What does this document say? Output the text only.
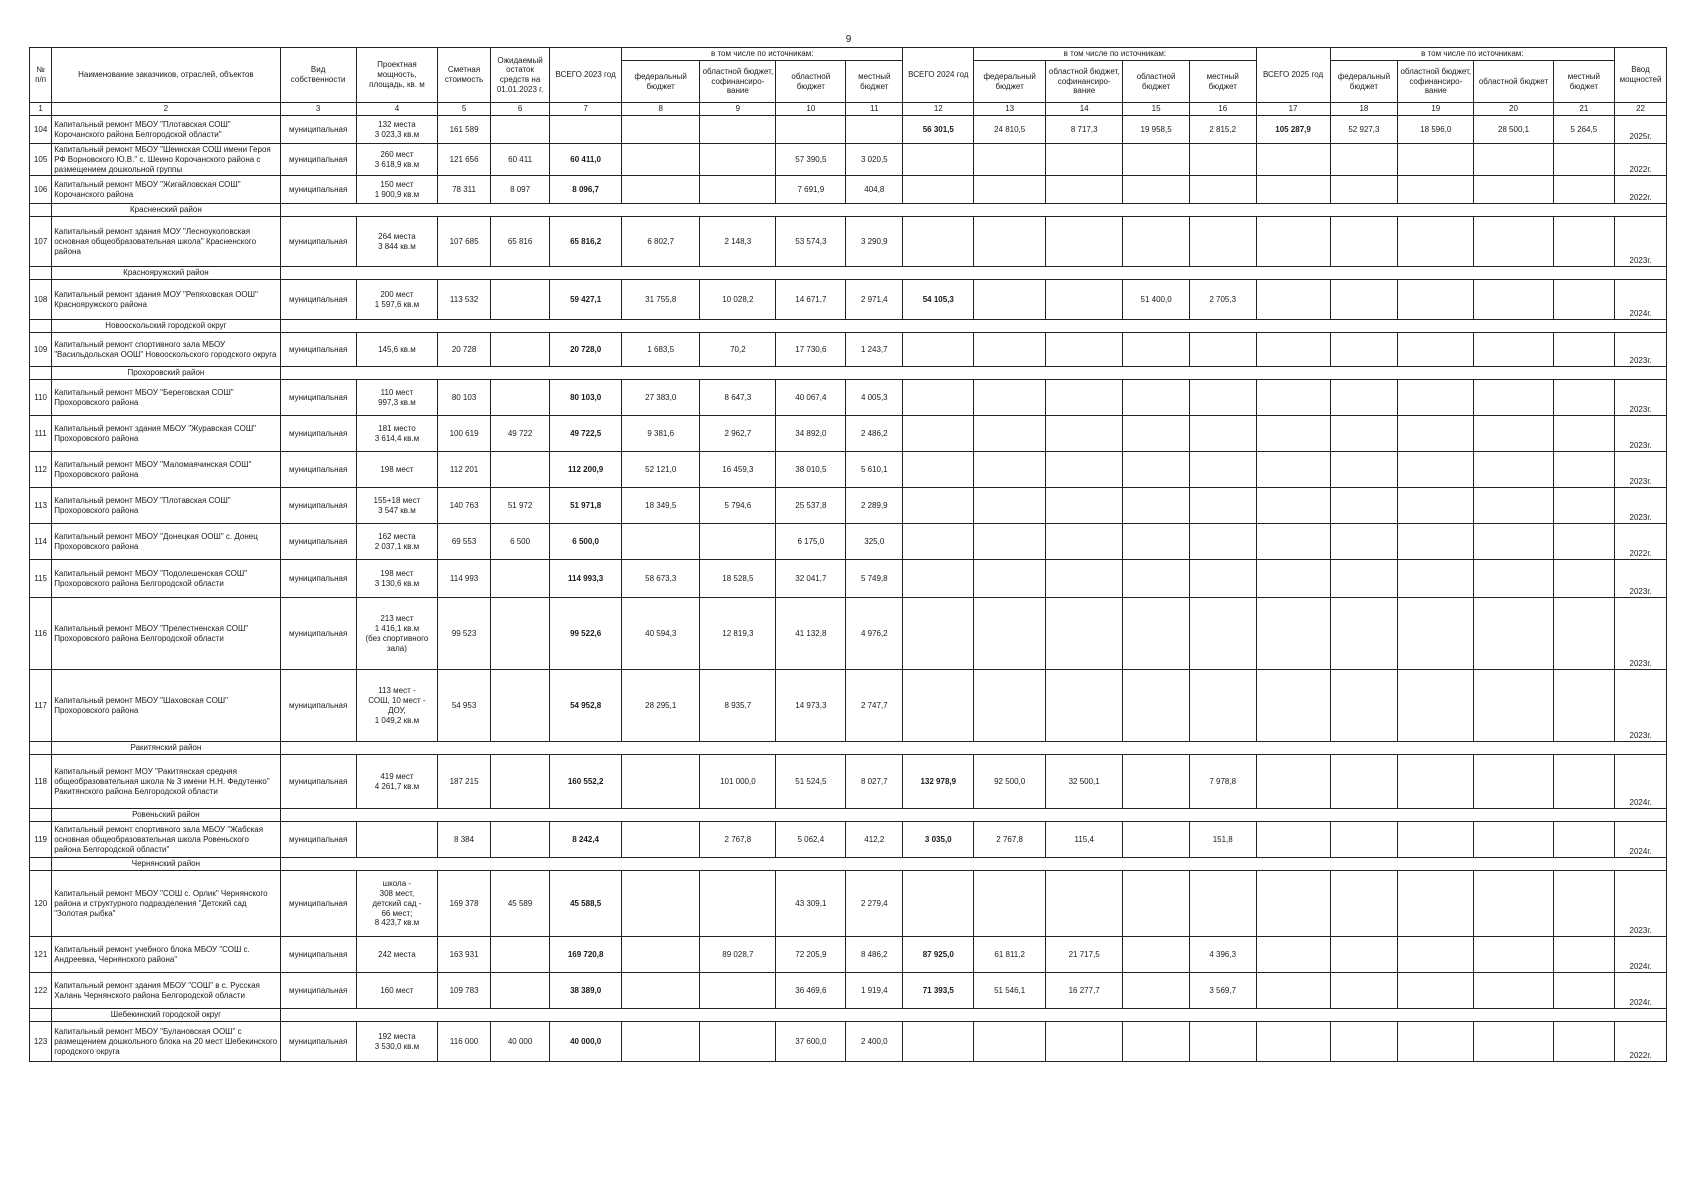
9
№ п/п	Наименование заказчиков, отраслей, объектов	Вид собственности	Проектная мощность, площадь, кв. м	Сметная стоимость	Ожидаемый остаток средств на 01.01.2023 г.	ВСЕГО 2023 год	в том числе по источникам:				ВСЕГО 2024 год	в том числе по источникам:				ВСЕГО 2025 год	в том числе по источникам:				Ввод мощностей
							федеральный бюджет	областной бюджет, софинансиро- вание	областной бюджет	местный бюджет		федеральный бюджет	областной бюджет, софинансиро- вание	областной бюджет	местный бюджет		федеральный бюджет	областной бюджет, софинансиро- вание	областной бюджет	местный бюджет	
1	2	3	4	5	6	7	8	9	10	11	12	13	14	15	16	17	18	19	20	21	22
104	Капитальный ремонт МБОУ "Плотавская СОШ" Корочанского района Белгородской области"	муниципальная	132 места
3 023,3 кв.м	161 589							56 301,5	24 810,5	8 717,3	19 958,5	2 815,2	105 287,9	52 927,3	18 596,0	28 500,1	5 264,5	2025г.
105	Капитальный ремонт МБОУ "Шеинская СОШ имени Героя РФ Ворновского Ю.В." с. Шеино Корочанского района с размещением дошкольной группы	муниципальная	260 мест
3 618,9 кв.м	121 656	60 411	60 411,0			57 390,5	3 020,5											2022г.
106	Капитальный ремонт МБОУ "Жигайловская СОШ" Корочанского района	муниципальная	150 мест
1 900,9 кв.м	78 311	8 097	8 096,7			7 691,9	404,8											2022г.
	Красненский район																				
107	Капитальный ремонт здания МОУ "Лесноуколовская основная общеобразовательная школа" Красненского района	муниципальная	264 места
3 844 кв.м	107 685	65 816	65 816,2	6 802,7	2 148,3	53 574,3	3 290,9											2023г.
	Краснояружский район																				
108	Капитальный ремонт здания МОУ "Репяховская ООШ" Краснояружского района	муниципальная	200 мест
1 597,6 кв.м	113 532		59 427,1	31 755,8	10 028,2	14 671,7	2 971,4	54 105,3			51 400,0	2 705,3						2024г.
	Новооскольский городской округ																				
109	Капитальный ремонт спортивного зала МБОУ "Васильдольская ООШ" Новооскольского городского округа	муниципальная	145,6 кв.м	20 728		20 728,0	1 683,5	70,2	17 730,6	1 243,7											2023г.
	Прохоровский район																				
110	Капитальный ремонт МБОУ "Береговская СОШ" Прохоровского района	муниципальная	110 мест
997,3 кв.м	80 103		80 103,0	27 383,0	8 647,3	40 067,4	4 005,3											2023г.
111	Капитальный ремонт здания МБОУ "Журавская СОШ" Прохоровского района	муниципальная	181 место
3 614,4 кв.м	100 619	49 722	49 722,5	9 381,6	2 962,7	34 892,0	2 486,2											2023г.
112	Капитальный ремонт МБОУ "Маломаячинская СОШ" Прохоровского района	муниципальная	198 мест	112 201		112 200,9	52 121,0	16 459,3	38 010,5	5 610,1											2023г.
113	Капитальный ремонт МБОУ "Плотавская СОШ" Прохоровского района	муниципальная	155+18 мест
3 547 кв.м	140 763	51 972	51 971,8	18 349,5	5 794,6	25 537,8	2 289,9											2023г.
114	Капитальный ремонт МБОУ "Донецкая ООШ" с. Донец Прохоровского района	муниципальная	162 места
2 037,1 кв.м	69 553	6 500	6 500,0			6 175,0	325,0											2022г.
115	Капитальный ремонт МБОУ "Подолешенская СОШ" Прохоровского района Белгородской области	муниципальная	198 мест
3 130,6 кв.м	114 993		114 993,3	58 673,3	18 528,5	32 041,7	5 749,8											2023г.
116	Капитальный ремонт МБОУ "Прелестненская СОШ" Прохоровского района Белгородской области	муниципальная	213 мест
1 416,1 кв.м
(без спортивного
зала)	99 523		99 522,6	40 594,3	12 819,3	41 132,8	4 976,2											2023г.
117	Капитальный ремонт МБОУ "Шаховская СОШ" Прохоровского района	муниципальная	113 мест -
СОШ, 10 мест -
ДОУ,
1 049,2 кв.м	54 953		54 952,8	28 295,1	8 935,7	14 973,3	2 747,7											2023г.
	Ракитянский район																				
118	Капитальный ремонт МОУ "Ракитянская средняя общеобразовательная школа № 3 имени Н.Н. Федутенко" Ракитянского района Белгородской области	муниципальная	419 мест
4 261,7 кв.м	187 215		160 552,2		101 000,0	51 524,5	8 027,7	132 978,9	92 500,0	32 500,1		7 978,8						2024г.
	Ровеньский район																				
119	Капитальный ремонт спортивного зала МБОУ "Жабская основная общеобразовательная школа Ровеньского района Белгородской области"	муниципальная		8 384		8 242,4		2 767,8	5 062,4	412,2	3 035,0	2 767,8	115,4		151,8						2024г.
	Чернянский район																				
120	Капитальный ремонт МБОУ "СОШ с. Орлик" Чернянского района и структурного подразделения "Детский сад "Золотая рыбка"	муниципальная	школа -
308 мест,
детский сад -
66 мест;
8 423,7 кв.м	169 378	45 589	45 588,5			43 309,1	2 279,4											2023г.
121	Капитальный ремонт учебного блока МБОУ "СОШ с. Андреевка, Чернянского района"	муниципальная	242 места	163 931		169 720,8		89 028,7	72 205,9	8 486,2	87 925,0	61 811,2	21 717,5		4 396,3						2024г.
122	Капитальный ремонт здания МБОУ "СОШ" в с. Русская Халань Чернянского района Белгородской области	муниципальная	160 мест	109 783		38 389,0			36 469,6	1 919,4	71 393,5	51 546,1	16 277,7		3 569,7						2024г.
	Шебекинский городской округ																				
123	Капитальный ремонт МБОУ "Булановская ООШ" с размещением дошкольного блока на 20 мест Шебекинского городского округа	муниципальная	192 места
3 530,0 кв.м	116 000	40 000	40 000,0			37 600,0	2 400,0											2022г.
